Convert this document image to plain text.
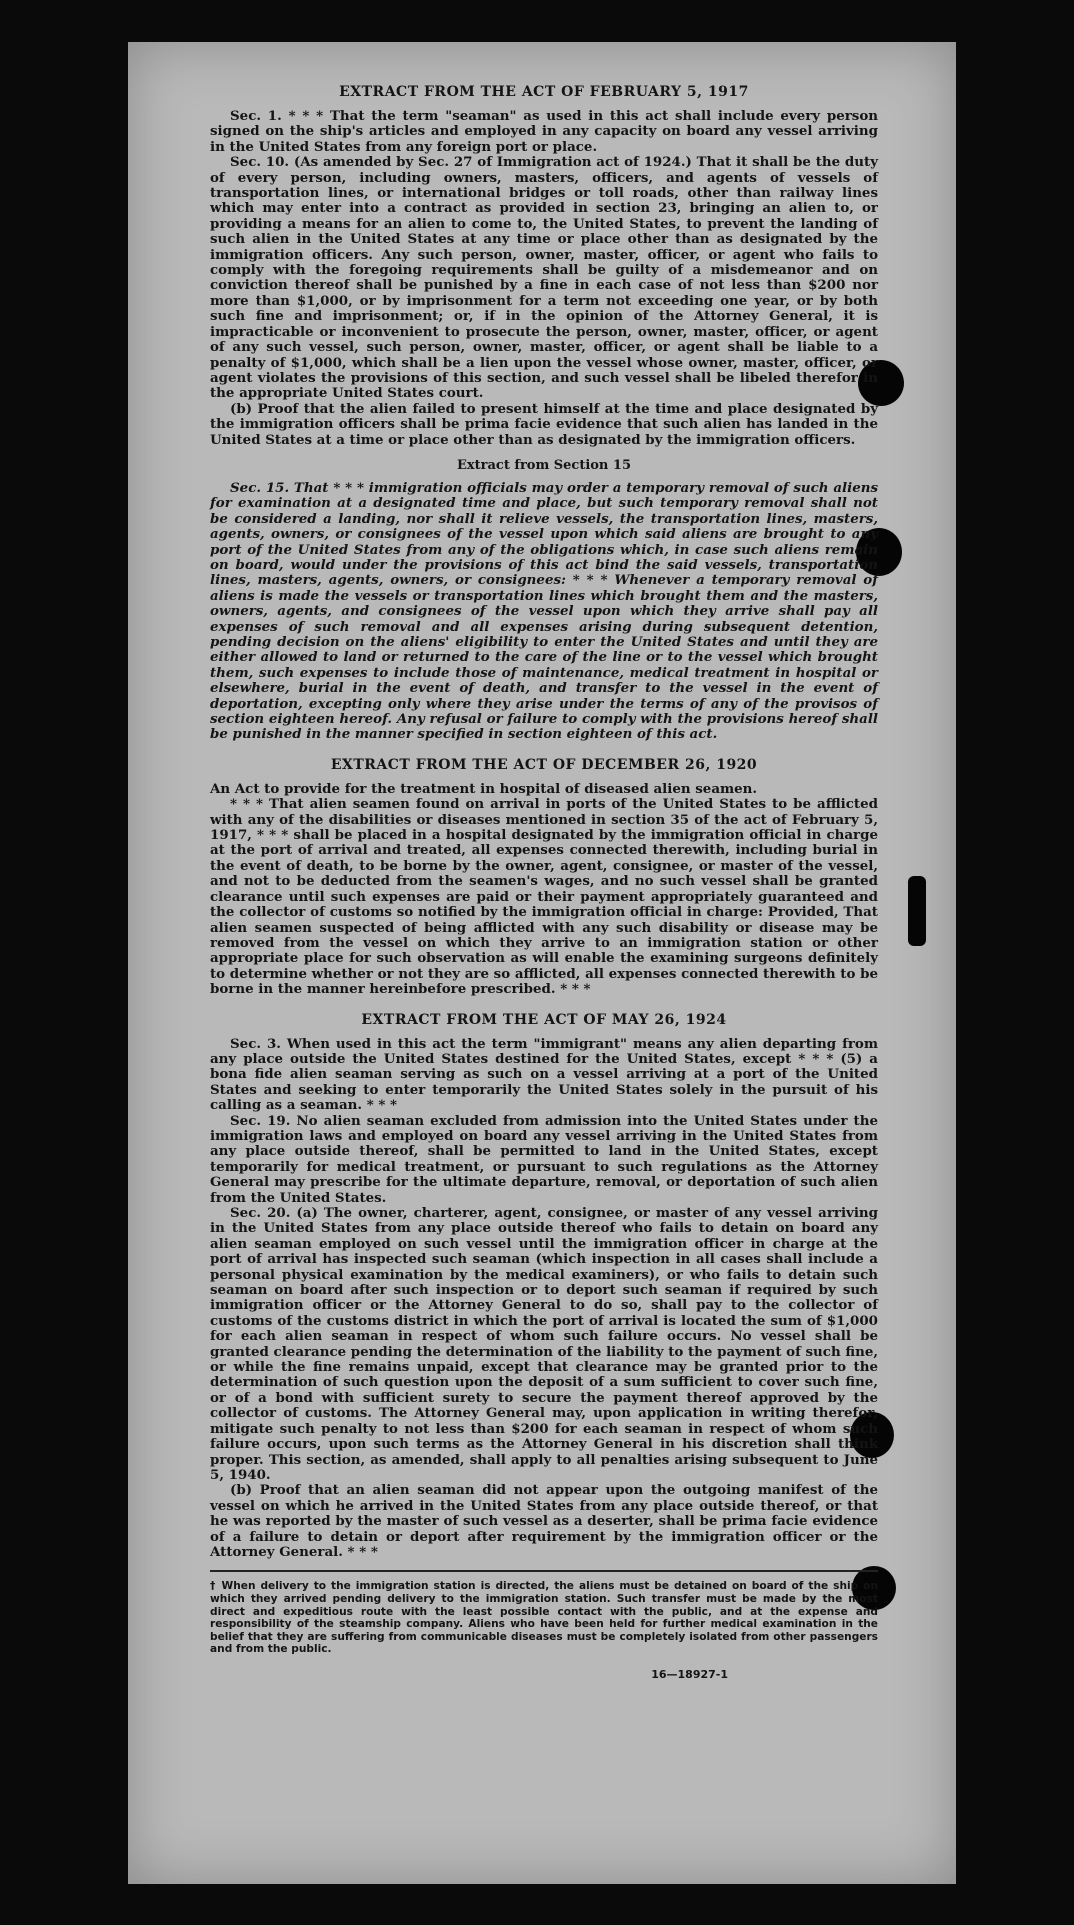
EXTRACT FROM THE ACT OF FEBRUARY 5, 1917

Sec. 1. * * * That the term "seaman" as used in this act shall include every person signed on the ship's articles and employed in any capacity on board any vessel arriving in the United States from any foreign port or place.

Sec. 10. (As amended by Sec. 27 of Immigration act of 1924.) That it shall be the duty of every person, including owners, masters, officers, and agents of vessels of transportation lines, or international bridges or toll roads, other than railway lines which may enter into a contract as provided in section 23, bringing an alien to, or providing a means for an alien to come to, the United States, to prevent the landing of such alien in the United States at any time or place other than as designated by the immigration officers. Any such person, owner, master, officer, or agent who fails to comply with the foregoing requirements shall be guilty of a misdemeanor and on conviction thereof shall be punished by a fine in each case of not less than $200 nor more than $1,000, or by imprisonment for a term not exceeding one year, or by both such fine and imprisonment; or, if in the opinion of the Attorney General, it is impracticable or inconvenient to prosecute the person, owner, master, officer, or agent of any such vessel, such person, owner, master, officer, or agent shall be liable to a penalty of $1,000, which shall be a lien upon the vessel whose owner, master, officer, or agent violates the provisions of this section, and such vessel shall be libeled therefor in the appropriate United States court.

(b) Proof that the alien failed to present himself at the time and place designated by the immigration officers shall be prima facie evidence that such alien has landed in the United States at a time or place other than as designated by the immigration officers.

Extract from Section 15

Sec. 15. That * * * immigration officials may order a temporary removal of such aliens for examination at a designated time and place, but such temporary removal shall not be considered a landing, nor shall it relieve vessels, the transportation lines, masters, agents, owners, or consignees of the vessel upon which said aliens are brought to any port of the United States from any of the obligations which, in case such aliens remain on board, would under the provisions of this act bind the said vessels, transportation lines, masters, agents, owners, or consignees: * * * Whenever a temporary removal of aliens is made the vessels or transportation lines which brought them and the masters, owners, agents, and consignees of the vessel upon which they arrive shall pay all expenses of such removal and all expenses arising during subsequent detention, pending decision on the aliens' eligibility to enter the United States and until they are either allowed to land or returned to the care of the line or to the vessel which brought them, such expenses to include those of maintenance, medical treatment in hospital or elsewhere, burial in the event of death, and transfer to the vessel in the event of deportation, excepting only where they arise under the terms of any of the provisos of section eighteen hereof. Any refusal or failure to comply with the provisions hereof shall be punished in the manner specified in section eighteen of this act.

EXTRACT FROM THE ACT OF DECEMBER 26, 1920

An Act to provide for the treatment in hospital of diseased alien seamen.

* * * That alien seamen found on arrival in ports of the United States to be afflicted with any of the disabilities or diseases mentioned in section 35 of the act of February 5, 1917, * * * shall be placed in a hospital designated by the immigration official in charge at the port of arrival and treated, all expenses connected therewith, including burial in the event of death, to be borne by the owner, agent, consignee, or master of the vessel, and not to be deducted from the seamen's wages, and no such vessel shall be granted clearance until such expenses are paid or their payment appropriately guaranteed and the collector of customs so notified by the immigration official in charge: Provided, That alien seamen suspected of being afflicted with any such disability or disease may be removed from the vessel on which they arrive to an immigration station or other appropriate place for such observation as will enable the examining surgeons definitely to determine whether or not they are so afflicted, all expenses connected therewith to be borne in the manner hereinbefore prescribed. * * *

EXTRACT FROM THE ACT OF MAY 26, 1924

Sec. 3. When used in this act the term "immigrant" means any alien departing from any place outside the United States destined for the United States, except * * * (5) a bona fide alien seaman serving as such on a vessel arriving at a port of the United States and seeking to enter temporarily the United States solely in the pursuit of his calling as a seaman. * * *

Sec. 19. No alien seaman excluded from admission into the United States under the immigration laws and employed on board any vessel arriving in the United States from any place outside thereof, shall be permitted to land in the United States, except temporarily for medical treatment, or pursuant to such regulations as the Attorney General may prescribe for the ultimate departure, removal, or deportation of such alien from the United States.

Sec. 20. (a) The owner, charterer, agent, consignee, or master of any vessel arriving in the United States from any place outside thereof who fails to detain on board any alien seaman employed on such vessel until the immigration officer in charge at the port of arrival has inspected such seaman (which inspection in all cases shall include a personal physical examination by the medical examiners), or who fails to detain such seaman on board after such inspection or to deport such seaman if required by such immigration officer or the Attorney General to do so, shall pay to the collector of customs of the customs district in which the port of arrival is located the sum of $1,000 for each alien seaman in respect of whom such failure occurs. No vessel shall be granted clearance pending the determination of the liability to the payment of such fine, or while the fine remains unpaid, except that clearance may be granted prior to the determination of such question upon the deposit of a sum sufficient to cover such fine, or of a bond with sufficient surety to secure the payment thereof approved by the collector of customs. The Attorney General may, upon application in writing therefor, mitigate such penalty to not less than $200 for each seaman in respect of whom such failure occurs, upon such terms as the Attorney General in his discretion shall think proper. This section, as amended, shall apply to all penalties arising subsequent to June 5, 1940.

(b) Proof that an alien seaman did not appear upon the outgoing manifest of the vessel on which he arrived in the United States from any place outside thereof, or that he was reported by the master of such vessel as a deserter, shall be prima facie evidence of a failure to detain or deport after requirement by the immigration officer or the Attorney General. * * *

† When delivery to the immigration station is directed, the aliens must be detained on board of the ship on which they arrived pending delivery to the immigration station. Such transfer must be made by the most direct and expeditious route with the least possible contact with the public, and at the expense and responsibility of the steamship company. Aliens who have been held for further medical examination in the belief that they are suffering from communicable diseases must be completely isolated from other passengers and from the public.
16—18927-1
